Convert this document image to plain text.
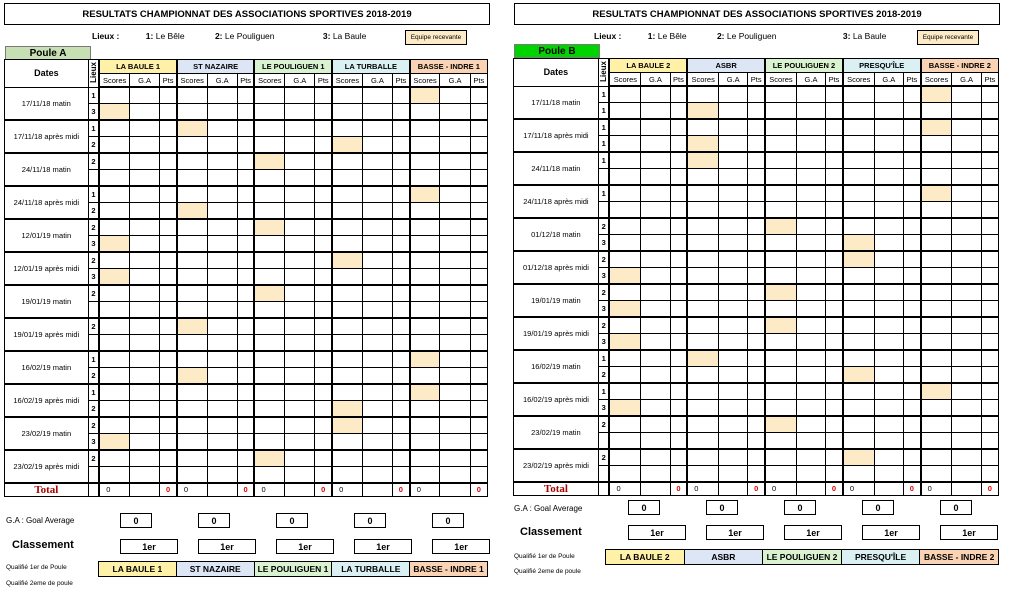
RESULTATS CHAMPIONNAT DES ASSOCIATIONS SPORTIVES 2018-2019
Lieux :	1: Le Bêle	2: Le Pouliguen	3: La Baule	Equipe recevante
Poule A
Dates	Lieux	LA BAULE 1			ST NAZAIRE			LE POULIGUEN 1			LA TURBALLE			BASSE - INDRE 1		
		Scores	G.A	Pts	Scores	G.A	Pts	Scores	G.A	Pts	Scores	G.A	Pts	Scores	G.A	Pts
17/11/18 matin	1															
	3															
17/11/18 après midi	1															
	2															
24/11/18 matin	2															

24/11/18 après midi	1															
	2															
12/01/19 matin	2															
	3															
12/01/19 après midi	2															
	3															
19/01/19 matin	2															

19/01/19 après midi	2															

16/02/19 matin	1															
	2															
16/02/19 après midi	1															
	2															
23/02/19 matin	2															
	3															
23/02/19 après midi	2															

Total		0		0	0		0	0		0	0		0	0		0
G.A : Goal Average	0	0	0	0	0
Classement	1er	1er	1er	1er	1er
Qualifié 1er de Poule
Qualifié 2eme de poule
LA BAULE 1	ST NAZAIRE	LE POULIGUEN 1	LA TURBALLE	BASSE - INDRE 1
RESULTATS CHAMPIONNAT DES ASSOCIATIONS SPORTIVES 2018-2019
Lieux :	1: Le Bêle	2: Le Pouliguen	3: La Baule	Equipe recevante
Poule B
Dates	Lieux	LA BAULE 2			ASBR			LE POULIGUEN 2			PRESQU'ÎLE			BASSE - INDRE 2		
		Scores	G.A	Pts	Scores	G.A	Pts	Scores	G.A	Pts	Scores	G.A	Pts	Scores	G.A	Pts
17/11/18 matin	1															
	1															
17/11/18 après midi	1															
	1															
24/11/18 matin	1															

24/11/18 après midi	1															

01/12/18 matin	2															
	3															
01/12/18 après midi	2															
	3															
19/01/19 matin	2															
	3															
19/01/19 après midi	2															
	3															
16/02/19 matin	1															
	2															
16/02/19 après midi	1															
	3															
23/02/19 matin	2															

23/02/19 après midi	2															

Total		0		0	0		0	0		0	0		0	0		0
G.A : Goal Average	0	0	0	0	0
Classement	1er	1er	1er	1er	1er
Qualifié 1er de Poule
Qualifié 2eme de poule
LA BAULE 2	ASBR	LE POULIGUEN 2	PRESQU'ÎLE	BASSE - INDRE 2
